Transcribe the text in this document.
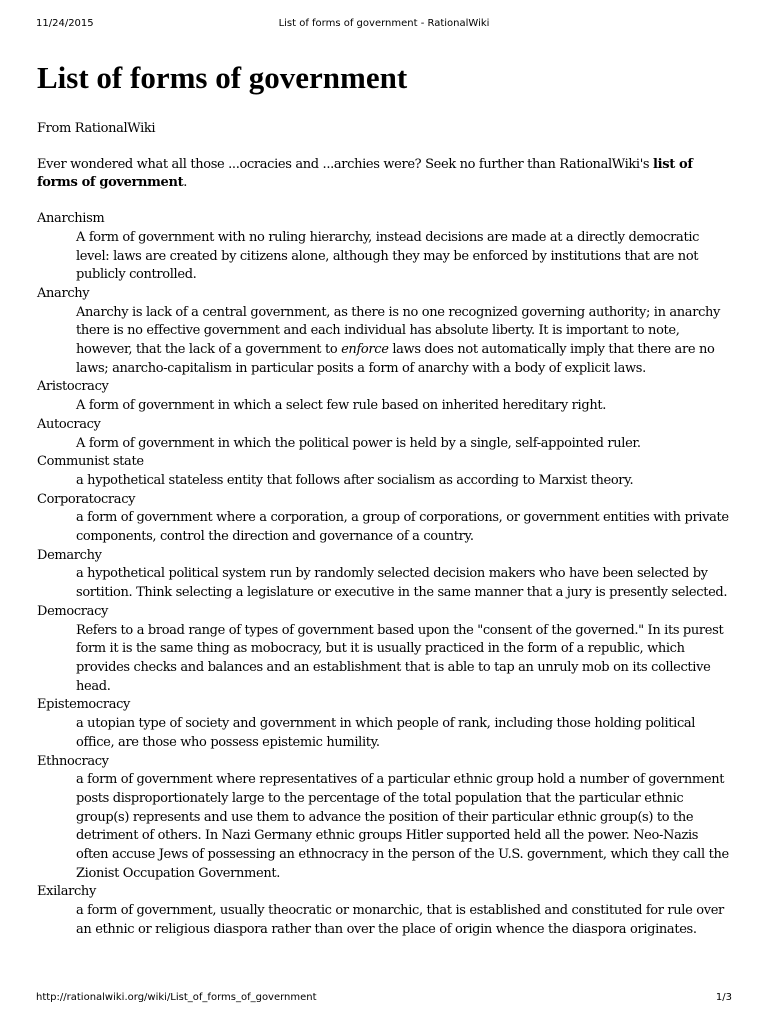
11/24/2015	List of forms of government - RationalWiki
List of forms of government
From RationalWiki
Ever wondered what all those ...ocracies and ...archies were? Seek no further than RationalWiki's list of forms of government.
Anarchism
A form of government with no ruling hierarchy, instead decisions are made at a directly democratic level: laws are created by citizens alone, although they may be enforced by institutions that are not publicly controlled.
Anarchy
Anarchy is lack of a central government, as there is no one recognized governing authority; in anarchy there is no effective government and each individual has absolute liberty. It is important to note, however, that the lack of a government to enforce laws does not automatically imply that there are no laws; anarcho-capitalism in particular posits a form of anarchy with a body of explicit laws.
Aristocracy
A form of government in which a select few rule based on inherited hereditary right.
Autocracy
A form of government in which the political power is held by a single, self-appointed ruler.
Communist state
a hypothetical stateless entity that follows after socialism as according to Marxist theory.
Corporatocracy
a form of government where a corporation, a group of corporations, or government entities with private components, control the direction and governance of a country.
Demarchy
a hypothetical political system run by randomly selected decision makers who have been selected by sortition. Think selecting a legislature or executive in the same manner that a jury is presently selected.
Democracy
Refers to a broad range of types of government based upon the "consent of the governed." In its purest form it is the same thing as mobocracy, but it is usually practiced in the form of a republic, which provides checks and balances and an establishment that is able to tap an unruly mob on its collective head.
Epistemocracy
a utopian type of society and government in which people of rank, including those holding political office, are those who possess epistemic humility.
Ethnocracy
a form of government where representatives of a particular ethnic group hold a number of government posts disproportionately large to the percentage of the total population that the particular ethnic group(s) represents and use them to advance the position of their particular ethnic group(s) to the detriment of others. In Nazi Germany ethnic groups Hitler supported held all the power. Neo-Nazis often accuse Jews of possessing an ethnocracy in the person of the U.S. government, which they call the Zionist Occupation Government.
Exilarchy
a form of government, usually theocratic or monarchic, that is established and constituted for rule over an ethnic or religious diaspora rather than over the place of origin whence the diaspora originates.
http://rationalwiki.org/wiki/List_of_forms_of_government	1/3
